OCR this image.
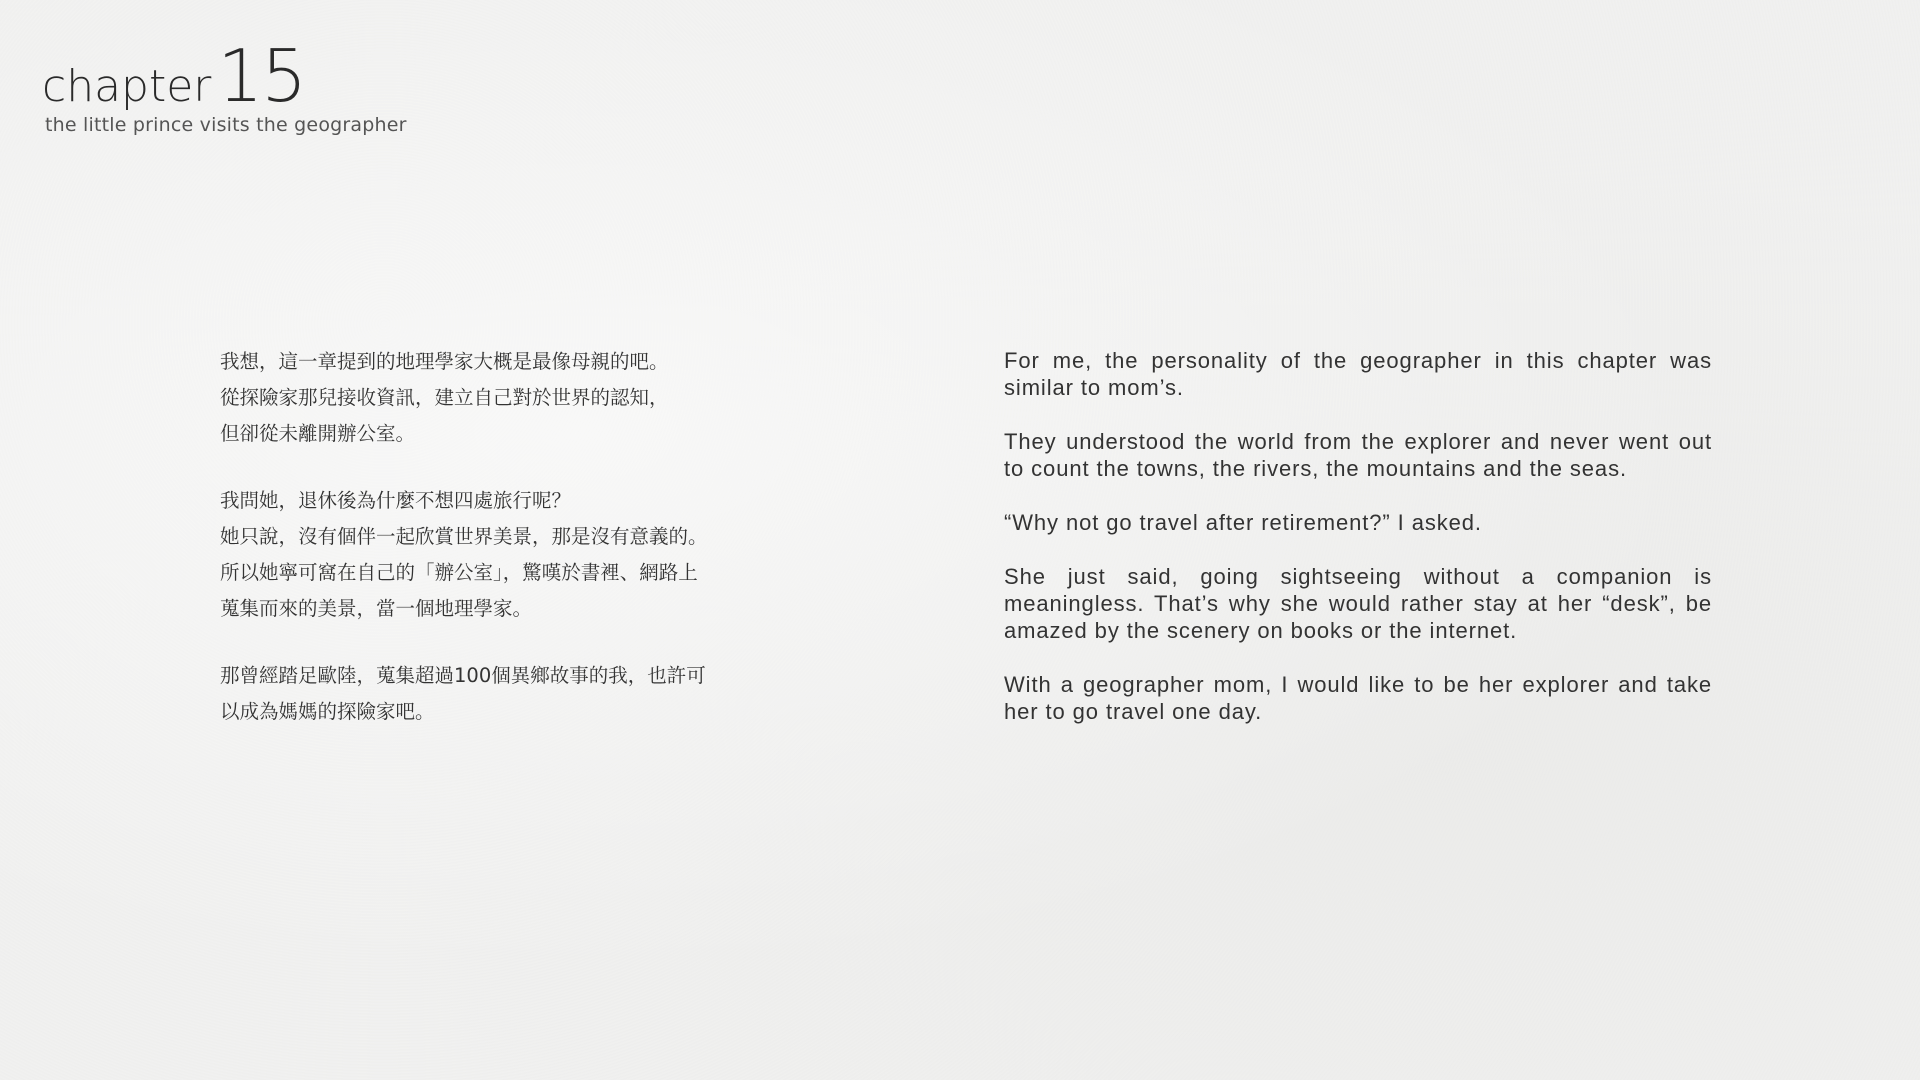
chapter 15
the little prince visits the geographer
我想，這一章提到的地理學家大概是最像母親的吧。
從探險家那兒接收資訊，建立自己對於世界的認知，
但卻從未離開辦公室。
我問她，退休後為什麼不想四處旅行呢？
她只說，沒有個伴一起欣賞世界美景，那是沒有意義的。
所以她寧可窩在自己的「辦公室」，驚嘆於書裡、網路上
蒐集而來的美景，當一個地理學家。
那曾經踏足歐陸，蒐集超過100個異鄉故事的我，也許可
以成為媽媽的探險家吧。

For me, the personality of the geographer in this chapter was similar to mom’s.

They understood the world from the explorer and never went out to count the towns, the rivers, the mountains and the seas.

“Why not go travel after retirement?” I asked.

She just said, going sightseeing without a companion is meaningless. That’s why she would rather stay at her “desk”, be amazed by the scenery on books or the internet.

With a geographer mom, I would like to be her explorer and take her to go travel one day.
